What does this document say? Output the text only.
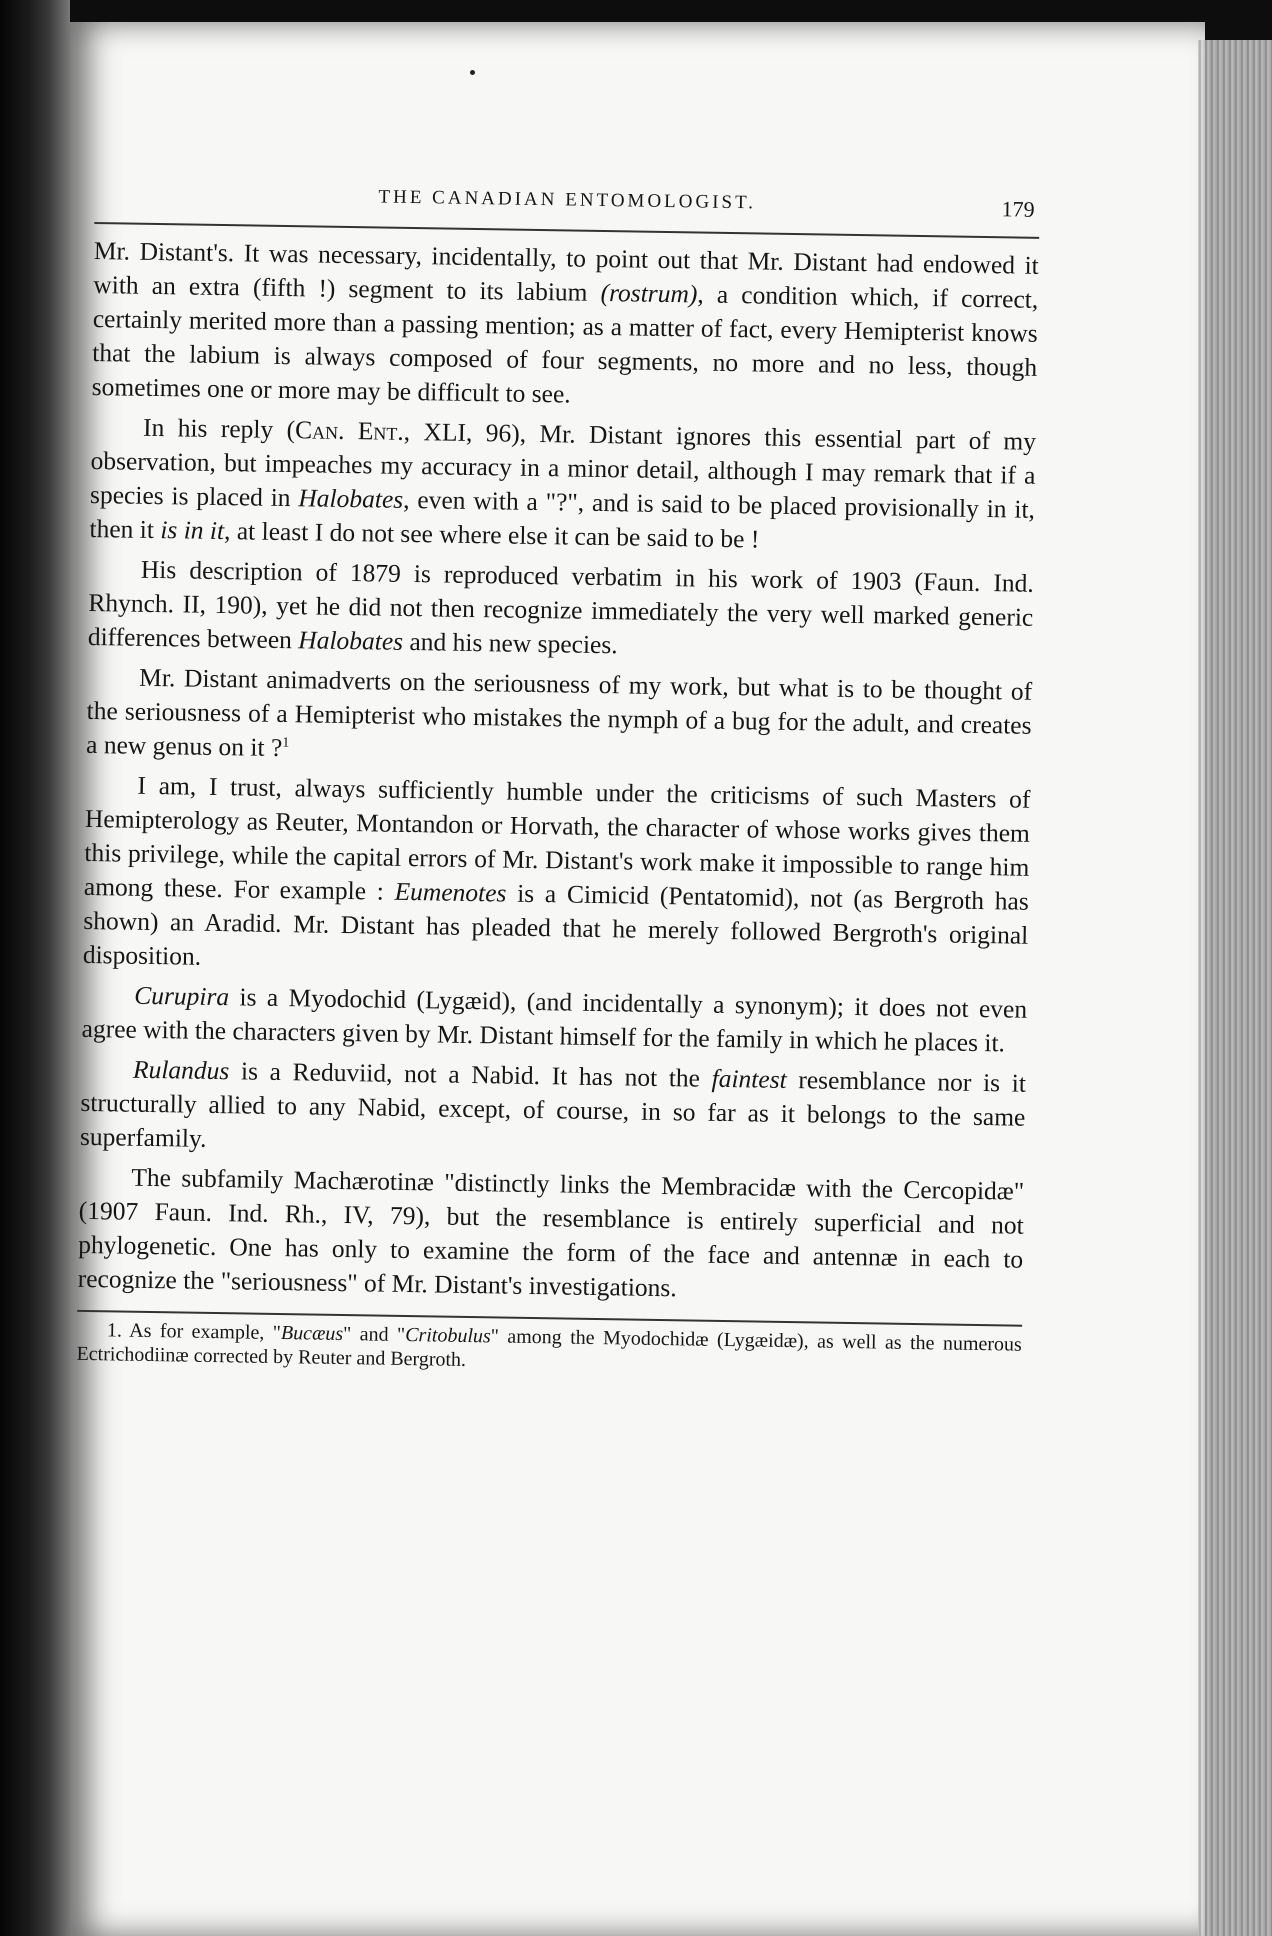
THE CANADIAN ENTOMOLOGIST.	179

Mr. Distant's. It was necessary, incidentally, to point out that Mr. Distant had endowed it with an extra (fifth !) segment to its labium (rostrum), a condition which, if correct, certainly merited more than a passing mention; as a matter of fact, every Hemipterist knows that the labium is always composed of four segments, no more and no less, though sometimes one or more may be difficult to see.

In his reply (Can. Ent., XLI, 96), Mr. Distant ignores this essential part of my observation, but impeaches my accuracy in a minor detail, although I may remark that if a species is placed in Halobates, even with a "?", and is said to be placed provisionally in it, then it is in it, at least I do not see where else it can be said to be !

His description of 1879 is reproduced verbatim in his work of 1903 (Faun. Ind. Rhynch. II, 190), yet he did not then recognize immediately the very well marked generic differences between Halobates and his new species.

Mr. Distant animadverts on the seriousness of my work, but what is to be thought of the seriousness of a Hemipterist who mistakes the nymph of a bug for the adult, and creates a new genus on it ?$^1$

I am, I trust, always sufficiently humble under the criticisms of such Masters of Hemipterology as Reuter, Montandon or Horvath, the character of whose works gives them this privilege, while the capital errors of Mr. Distant's work make it impossible to range him among these. For example : Eumenotes is a Cimicid (Pentatomid), not (as Bergroth has shown) an Aradid. Mr. Distant has pleaded that he merely followed Bergroth's original disposition.

Curupira is a Myodochid (Lygæid), (and incidentally a synonym); it does not even agree with the characters given by Mr. Distant himself for the family in which he places it.

Rulandus is a Reduviid, not a Nabid. It has not the faintest resemblance nor is it structurally allied to any Nabid, except, of course, in so far as it belongs to the same superfamily.

The subfamily Machærotinæ "distinctly links the Membracidæ with the Cercopidæ" (1907 Faun. Ind. Rh., IV, 79), but the resemblance is entirely superficial and not phylogenetic. One has only to examine the form of the face and antennæ in each to recognize the "seriousness" of Mr. Distant's investigations.

1. As for example, "Bucæus" and "Critobulus" among the Myodochidæ (Lygæidæ), as well as the numerous Ectrichodiinæ corrected by Reuter and Bergroth.
